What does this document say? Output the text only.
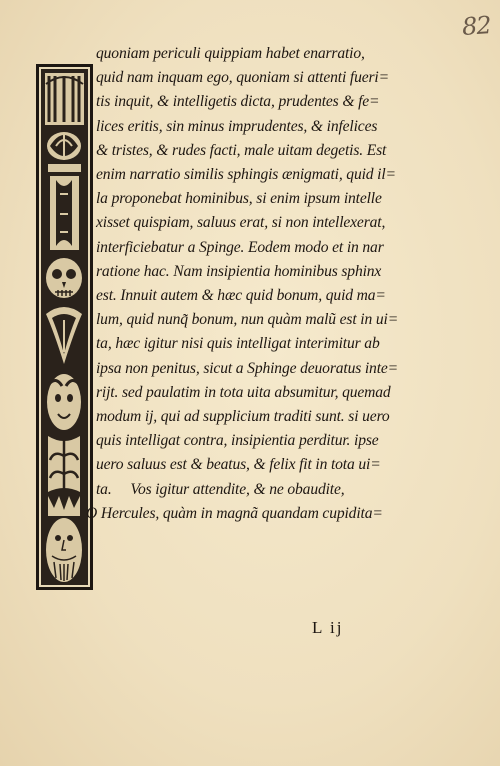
82
quoniam periculi quippiam habet enarratio,
quid nam inquam ego, quoniam si attenti fueri=
tis inquit, & intelligetis dicta, prudentes & fe=
lices eritis, sin minus imprudentes, & infelices
& tristes, & rudes facti, male uitam degetis. Est
enim narratio similis sphingis ænigmati, quid il=
la proponebat hominibus, si enim ipsum intelle
xisset quispiam, saluus erat, si non intellexerat,
interficiebatur a Spinge. Eodem modo et in nar
ratione hac. Nam insipientia hominibus sphinx
est. Innuit autem & hæc quid bonum, quid ma=
lum, quid nunq̃ bonum, nun quàm malũ est in ui=
ta, hæc igitur nisi quis intelligat interimitur ab
ipsa non penitus, sicut a Sphinge deuoratus inte=
rijt. sed paulatim in tota uita absumitur, quemad
modum ij, qui ad supplicium traditi sunt. si uero
quis intelligat contra, insipientia perditur. ipse
uero saluus est & beatus, & felix fit in tota ui=
ta.     Vos igitur attendite, & ne obaudite,
O Hercules, quàm in magnã quandam cupidita=
L ij
